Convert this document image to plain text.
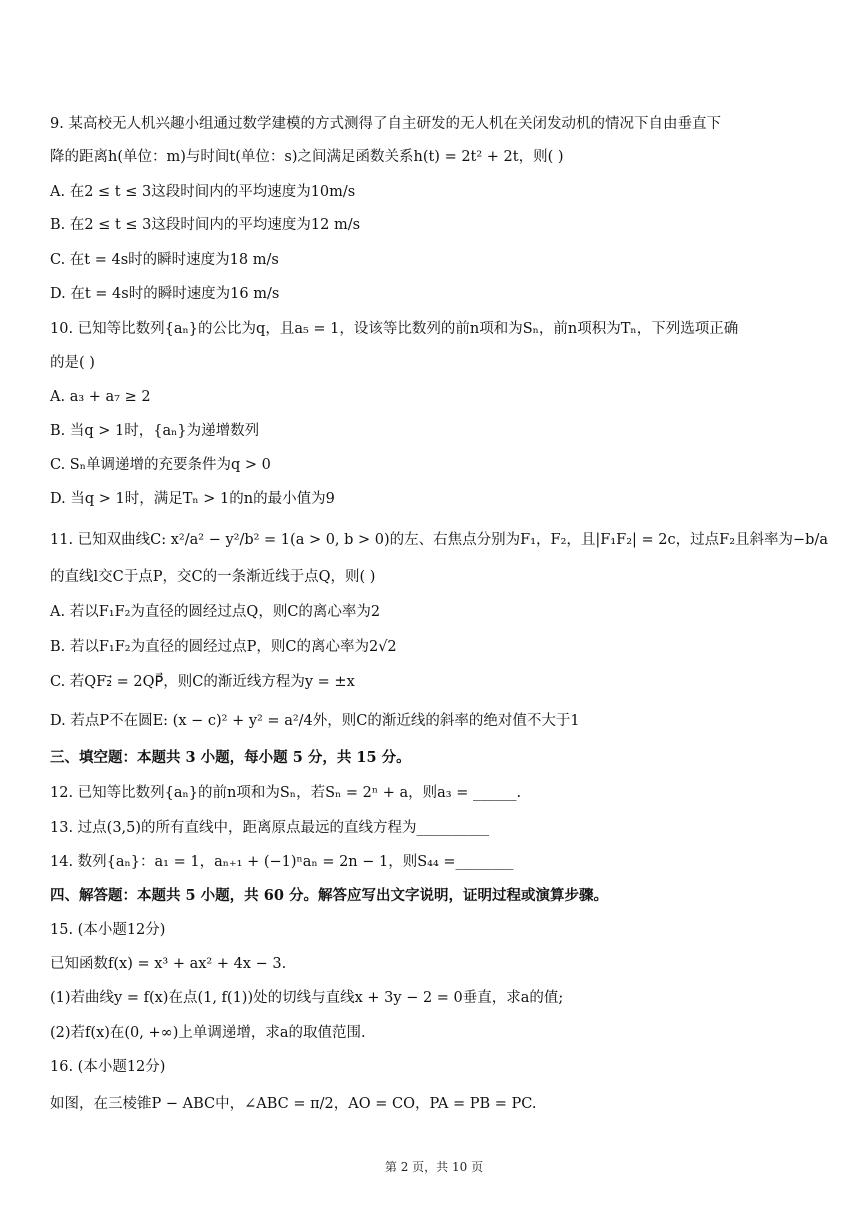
9. 某高校无人机兴趣小组通过数学建模的方式测得了自主研发的无人机在关闭发动机的情况下自由垂直下
降的距离h(单位：m)与时间t(单位：s)之间满足函数关系h(t) = 2t² + 2t，则( )
A. 在2 ≤ t ≤ 3这段时间内的平均速度为10m/s
B. 在2 ≤ t ≤ 3这段时间内的平均速度为12 m/s
C. 在t = 4s时的瞬时速度为18 m/s
D. 在t = 4s时的瞬时速度为16 m/s
10. 已知等比数列{aₙ}的公比为q，且a₅ = 1，设该等比数列的前n项和为Sₙ，前n项积为Tₙ，下列选项正确
的是( )
A. a₃ + a₇ ≥ 2
B. 当q > 1时，{aₙ}为递增数列
C. Sₙ单调递增的充要条件为q > 0
D. 当q > 1时，满足Tₙ > 1的n的最小值为9
11. 已知双曲线C: x²/a² − y²/b² = 1(a > 0, b > 0)的左、右焦点分别为F₁，F₂，且|F₁F₂| = 2c，过点F₂且斜率为−b/a
的直线l交C于点P，交C的一条渐近线于点Q，则( )
A. 若以F₁F₂为直径的圆经过点Q，则C的离心率为2
B. 若以F₁F₂为直径的圆经过点P，则C的离心率为2√2
C. 若QF₂⃗ = 2QP⃗，则C的渐近线方程为y = ±x
D. 若点P不在圆E: (x − c)² + y² = a²/4外，则C的渐近线的斜率的绝对值不大于1
三、填空题：本题共 3 小题，每小题 5 分，共 15 分。
12. 已知等比数列{aₙ}的前n项和为Sₙ，若Sₙ = 2ⁿ + a，则a₃ = ______.
13. 过点(3,5)的所有直线中，距离原点最远的直线方程为__________
14. 数列{aₙ}：a₁ = 1，aₙ₊₁ + (−1)ⁿaₙ = 2n − 1，则S₄₄ =________
四、解答题：本题共 5 小题，共 60 分。解答应写出文字说明，证明过程或演算步骤。
15. (本小题12分)
已知函数f(x) = x³ + ax² + 4x − 3.
(1)若曲线y = f(x)在点(1, f(1))处的切线与直线x + 3y − 2 = 0垂直，求a的值;
(2)若f(x)在(0, +∞)上单调递增，求a的取值范围.
16. (本小题12分)
如图，在三棱锥P − ABC中，∠ABC = π/2，AO = CO，PA = PB = PC.
第 2 页，共 10 页
